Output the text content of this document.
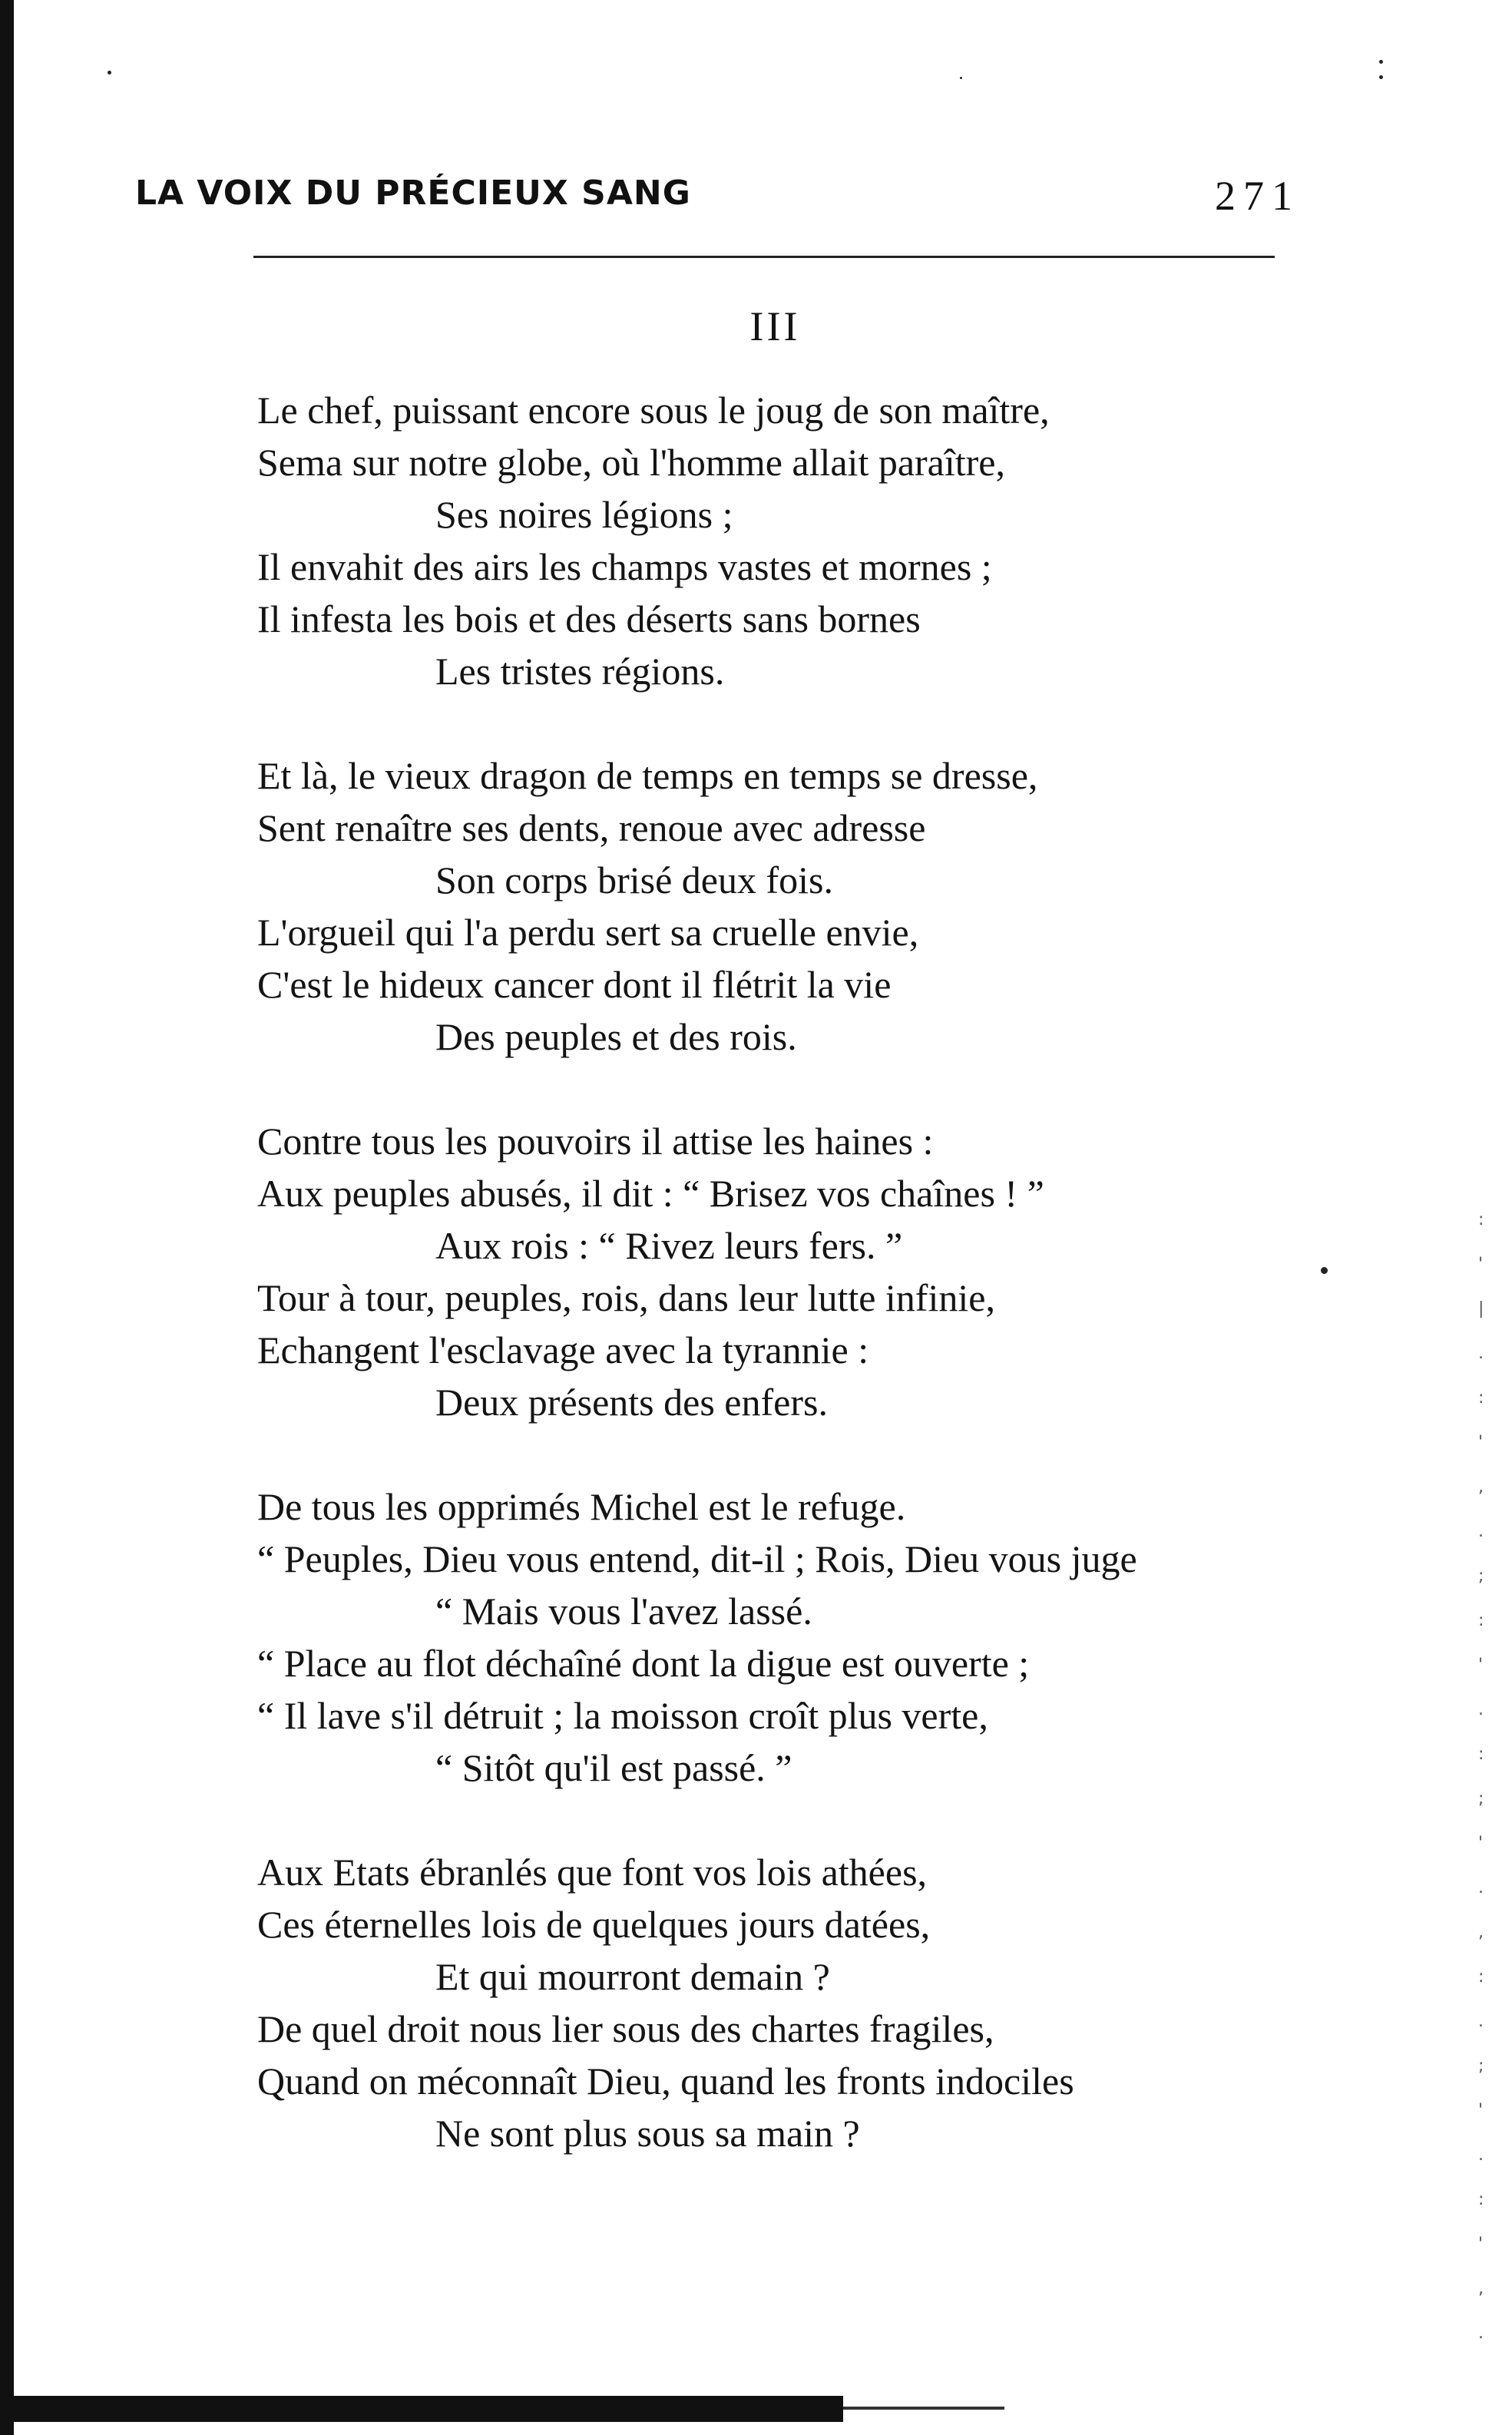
:
'
|
.
:
'
,
.
;
:
'
.
:
;
'
.
,
:
.
;
'
.
:
'
,
.
LA VOIX DU PRÉCIEUX SANG	271
III
Le chef, puissant encore sous le joug de son maître,
Sema sur notre globe, où l'homme allait paraître,
Ses noires légions ;
Il envahit des airs les champs vastes et mornes ;
Il infesta les bois et des déserts sans bornes
Les tristes régions.
Et là, le vieux dragon de temps en temps se dresse,
Sent renaître ses dents, renoue avec adresse
Son corps brisé deux fois.
L'orgueil qui l'a perdu sert sa cruelle envie,
C'est le hideux cancer dont il flétrit la vie
Des peuples et des rois.
Contre tous les pouvoirs il attise les haines :
Aux peuples abusés, il dit : “ Brisez vos chaînes ! ”
Aux rois : “ Rivez leurs fers. ”
Tour à tour, peuples, rois, dans leur lutte infinie,
Echangent l'esclavage avec la tyrannie :
Deux présents des enfers.
De tous les opprimés Michel est le refuge.
“ Peuples, Dieu vous entend, dit-il ; Rois, Dieu vous juge
“ Mais vous l'avez lassé.
“ Place au flot déchaîné dont la digue est ouverte ;
“ Il lave s'il détruit ; la moisson croît plus verte,
“ Sitôt qu'il est passé. ”
Aux Etats ébranlés que font vos lois athées,
Ces éternelles lois de quelques jours datées,
Et qui mourront demain ?
De quel droit nous lier sous des chartes fragiles,
Quand on méconnaît Dieu, quand les fronts indociles
Ne sont plus sous sa main ?
